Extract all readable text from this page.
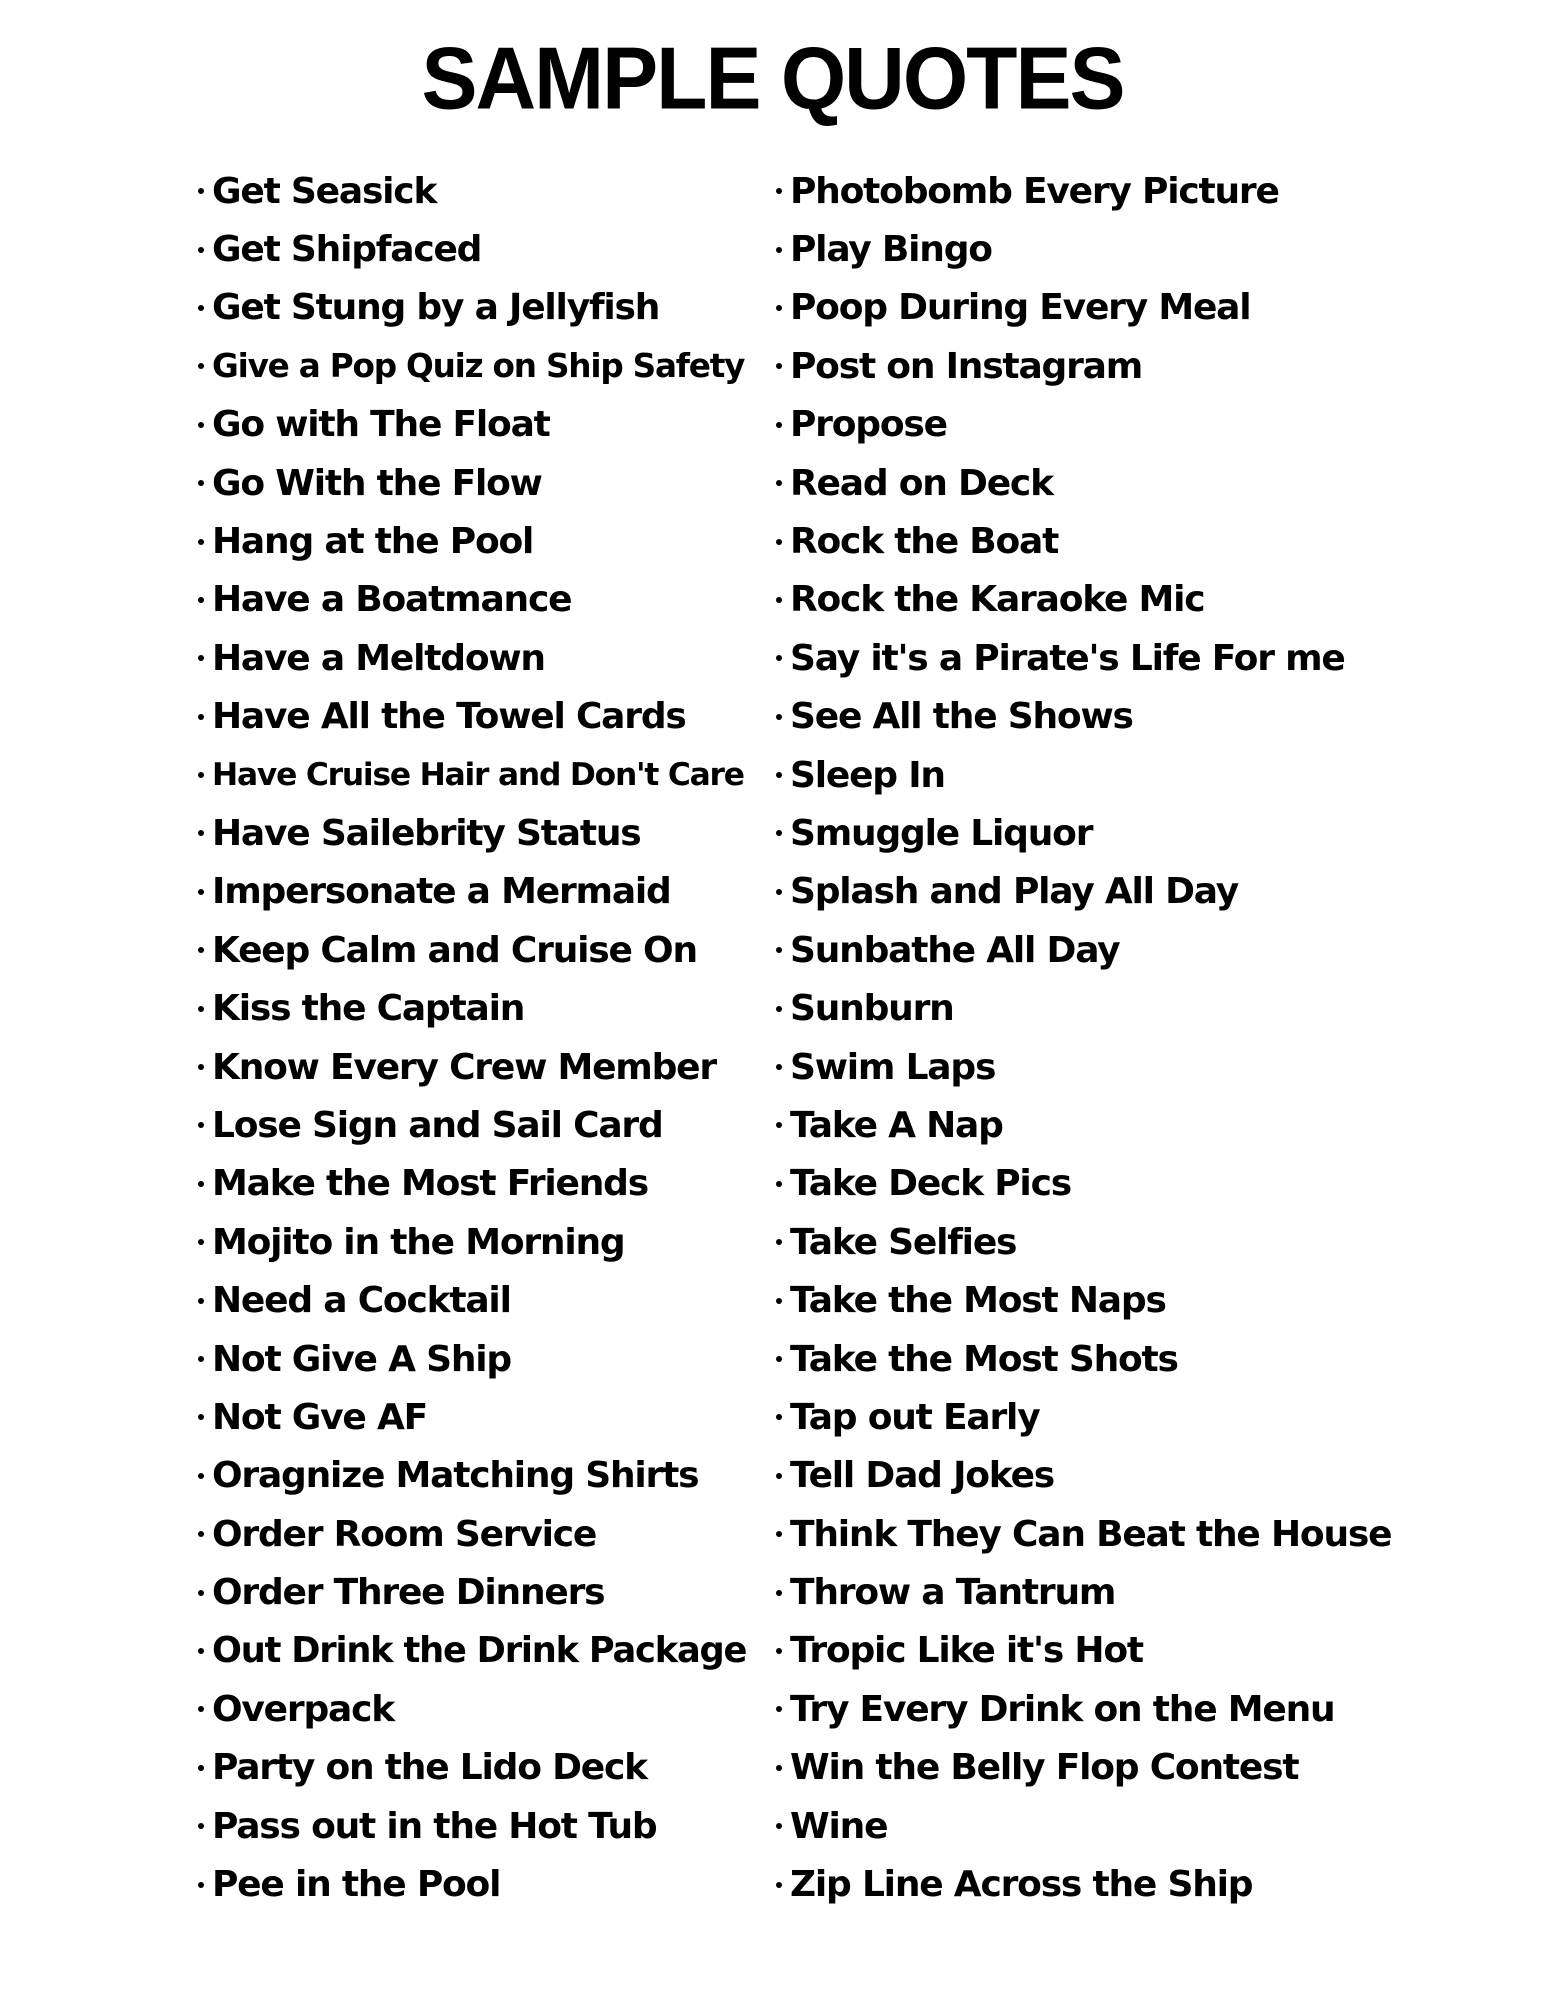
SAMPLE QUOTES
Get Seasick
Get Shipfaced
Get Stung by a Jellyfish
Give a Pop Quiz on Ship Safety
Go with The Float
Go With the Flow
Hang at the Pool
Have a Boatmance
Have a Meltdown
Have All the Towel Cards
Have Cruise Hair and Don't Care
Have Sailebrity Status
Impersonate a Mermaid
Keep Calm and Cruise On
Kiss the Captain
Know Every Crew Member
Lose Sign and Sail Card
Make the Most Friends
Mojito in the Morning
Need a Cocktail
Not Give A Ship
Not Gve AF
Oragnize Matching Shirts
Order Room Service
Order Three Dinners
Out Drink the Drink Package
Overpack
Party on the Lido Deck
Pass out in the Hot Tub
Pee in the Pool
Photobomb Every Picture
Play Bingo
Poop During Every Meal
Post on Instagram
Propose
Read on Deck
Rock the Boat
Rock the Karaoke Mic
Say it's a Pirate's Life For me
See All the Shows
Sleep In
Smuggle Liquor
Splash and Play All Day
Sunbathe All Day
Sunburn
Swim Laps
Take A Nap
Take Deck Pics
Take Selfies
Take the Most Naps
Take the Most Shots
Tap out Early
Tell Dad Jokes
Think They Can Beat the House
Throw a Tantrum
Tropic Like it's Hot
Try Every Drink on the Menu
Win the Belly Flop Contest
Wine
Zip Line Across the Ship
